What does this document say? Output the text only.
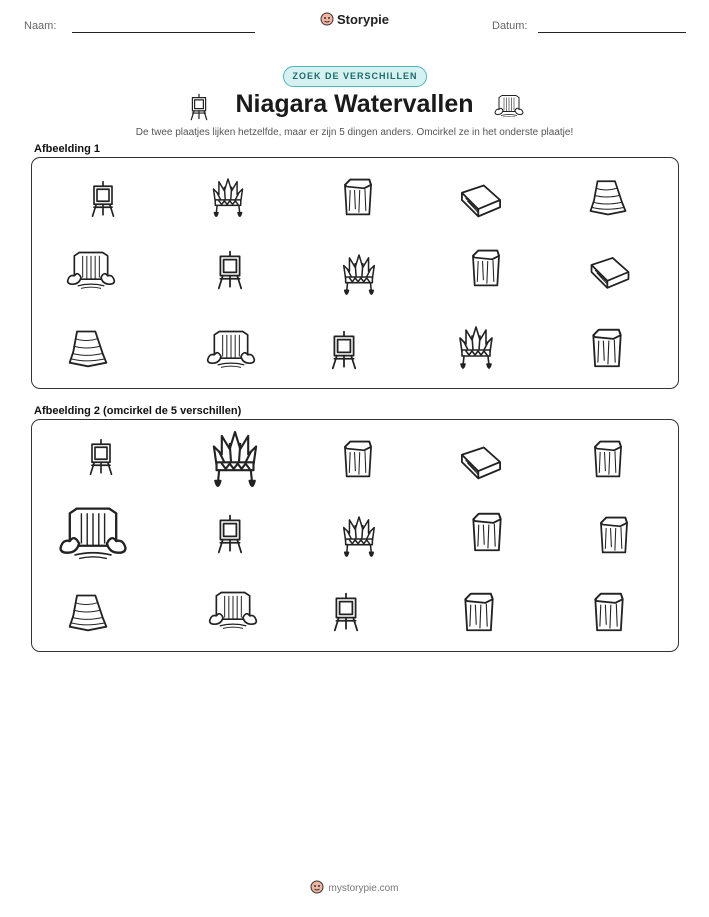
Naam:	Storypie	Datum:
ZOEK DE VERSCHILLEN
Niagara Watervallen
De twee plaatjes lijken hetzelfde, maar er zijn 5 dingen anders. Omcirkel ze in het onderste plaatje!
Afbeelding 1
Afbeelding 2 (omcirkel de 5 verschillen)
mystorypie.com
